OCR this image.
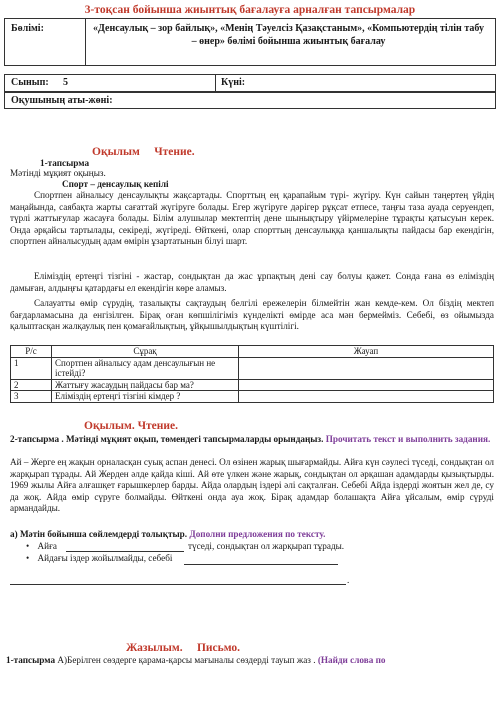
3-тоқсан бойынша жиынтық бағалауға арналған тапсырмалар
Бөлімі:	«Денсаулық – зор байлық», «Менің Тәуелсіз Қазақстаным», «Компьютердің тілін табу – өнер» бөлімі бойынша жиынтық бағалау
Сынып: 5	Күні:
Оқушының аты-жөні:
Оқылым     Чтение.
1-тапсырма
Мәтінді мұқият оқыңыз.
Спорт – денсаулық кепілі
Спортпен айналысу денсаулықты жақсартады. Спорттың ең қарапайым түрі- жүгіру. Күн сайын таңертең үйдің маңайында, саябақта жарты сағаттай жүгіруге болады. Егер жүгіруге дәрігер рұқсат етпесе, таңғы таза ауада серуендеп, түрлі жаттығулар жасауға болады. Білім алушылар мектептің дене шынықтыру үйірмелеріне тұрақты қатысуын керек. Онда әрқайсы тартылады, секіреді, жүгіреді. Өйткені, олар спорттың денсаулыққа қаншалықты пайдасы бар екендігін, спортпен айналысудың адам өмірін ұзартатынын білуі шарт.
Еліміздің ертеңгі тізгіні - жастар, сондықтан да жас ұрпақтың дені сау болуы қажет. Сонда ғана өз еліміздің дамыған, алдыңғы қатардағы ел екендігін көре аламыз.
Салауатты өмір сүрудің, тазалықты сақтаудың белгілі ережелерін білмейтін жан кемде-кем. Ол біздің мектеп бағдарламасына да енгізілген. Бірақ оған көпшілігіміз күнделікті өмірде аса мән бермейміз. Себебі, өз ойымызда қалыптасқан жалқаулық пен қомағайлықтың, ұйқышылдықтың күштілігі.
Р/с	Сұрақ	Жауап
1	Спортпен айналысу адам денсаулығын не істейді?	
2	Жаттығу жасаудың пайдасы бар ма?	
3	Еліміздің ертеңгі тізгіні кімдер ?	
Оқылым. Чтение.
2-тапсырма . Мәтінді мұқият оқып, төмендегі тапсырмаларды орындаңыз. Прочитать текст и выполнить задания.
Ай – Жерге ең жақын орналасқан суық аспан денесі. Ол өзінен жарық шығармайды. Айға күн сәулесі түседі, сондықтан ол жарқырап тұрады. Ай Жерден әлде қайда кіші. Ай өте үлкен және жарық, сондықтан ол әрқашан адамдарды қызықтырды. 1969 жылы Айға алғашқет ғарышкерлер барды. Айда олардың іздері әлі сақталған. Себебі Айда іздерді жоятын жел де, су да жоқ. Айда өмір сүруге болмайды. Өйткені онда ауа жоқ. Бірақ адамдар болашақта Айға ұйсалым, өмір сүруді армандайды.
а) Мәтін бойынша сөйлемдерді толықтыр. Дополни предложения по тексту.
• Айға	түседі, сондықтан ол жарқырап тұрады.
• Айдағы іздер жойылмайды, себебі
.
Жазылым.     Письмо.
1-тапсырма А)Берілген сөздерге қарама-қарсы мағыналы сөздерді тауып жаз . (Найди слова по
